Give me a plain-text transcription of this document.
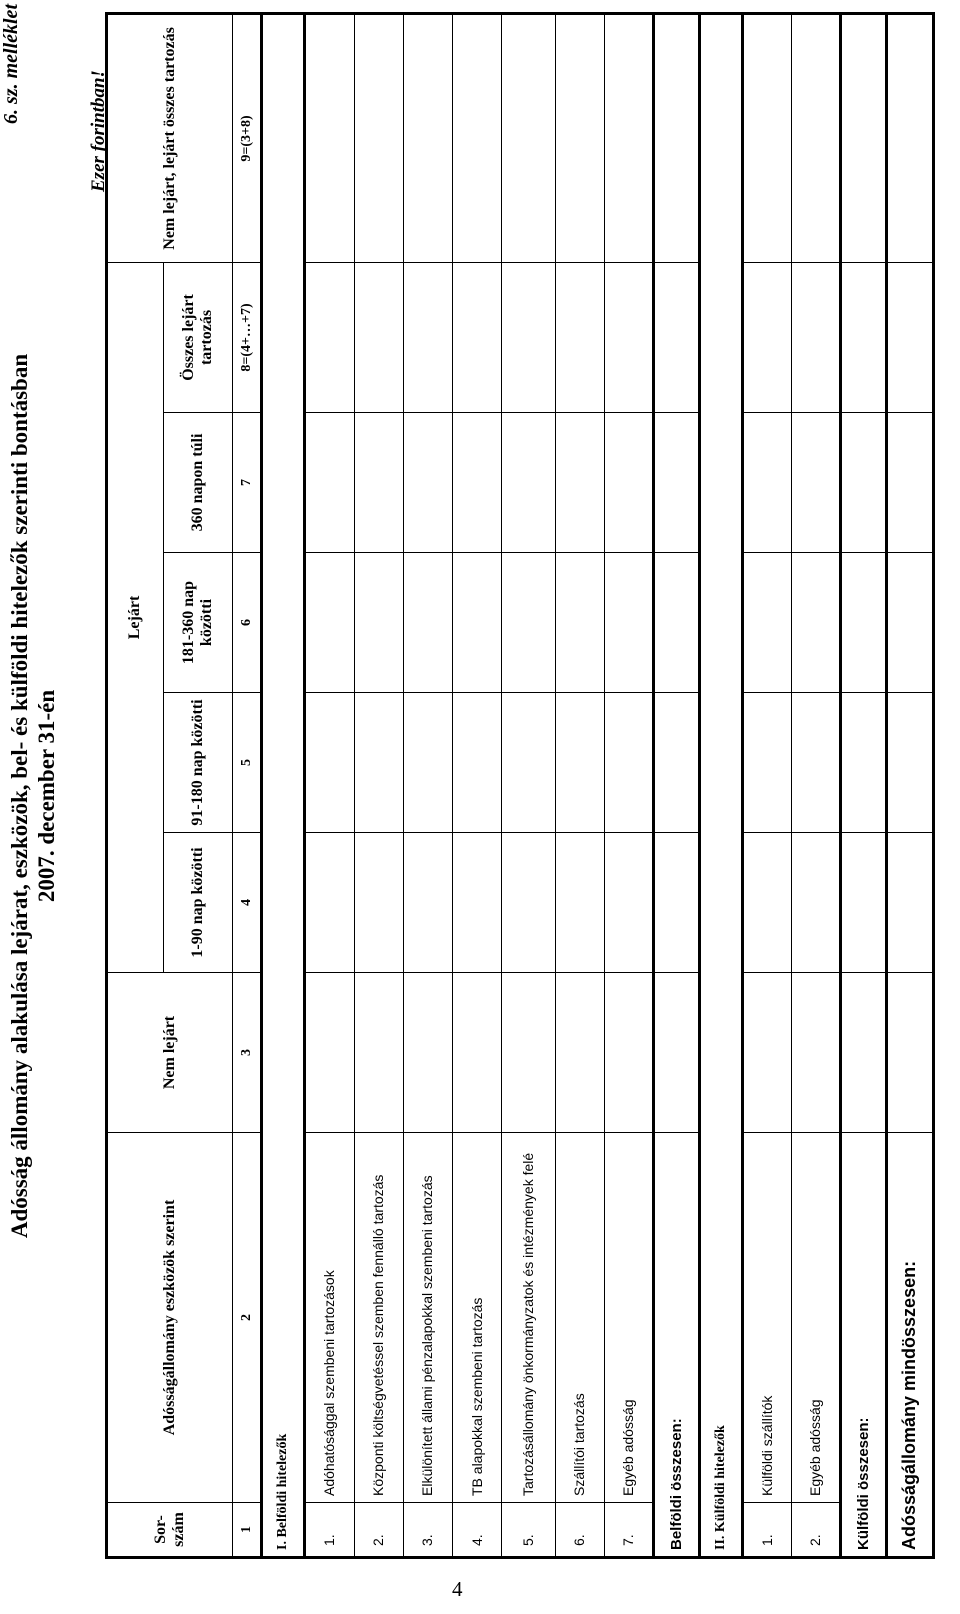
4
6. sz. melléklet
Adósság állomány alakulása lejárat, eszközök, bel- és külföldi hitelezők szerinti bontásban 2007. december 31-én
Ezer forintban!
Sor-szám	Adósságállomány eszközök szerint	Nem lejárt	Lejárt					Nem lejárt, lejárt összes tartozás
			1-90 nap közötti	91-180 nap közötti	181-360 nap közötti	360 napon túli	Összes lejárt tartozás	
1	2	3	4	5	6	7	8=(4+…+7)	9=(3+8)
I. Belföldi hitelezők								
1.	Adóhatósággal szembeni tartozások							
2.	Központi költségvetéssel szemben fennálló tartozás							
3.	Elkülönített állami pénzalapokkal szembeni tartozás							
4.	TB alapokkal szembeni tartozás							
5.	Tartozásállomány önkormányzatok és intézmények felé							
6.	Szállítói tartozás							
7.	Egyéb adósság							
Belföldi összesen:								
II. Külföldi hitelezők								
1.	Külföldi szállítók							
2.	Egyéb adósság							
Külföldi összesen:								
Adósságállomány mindösszesen:								
